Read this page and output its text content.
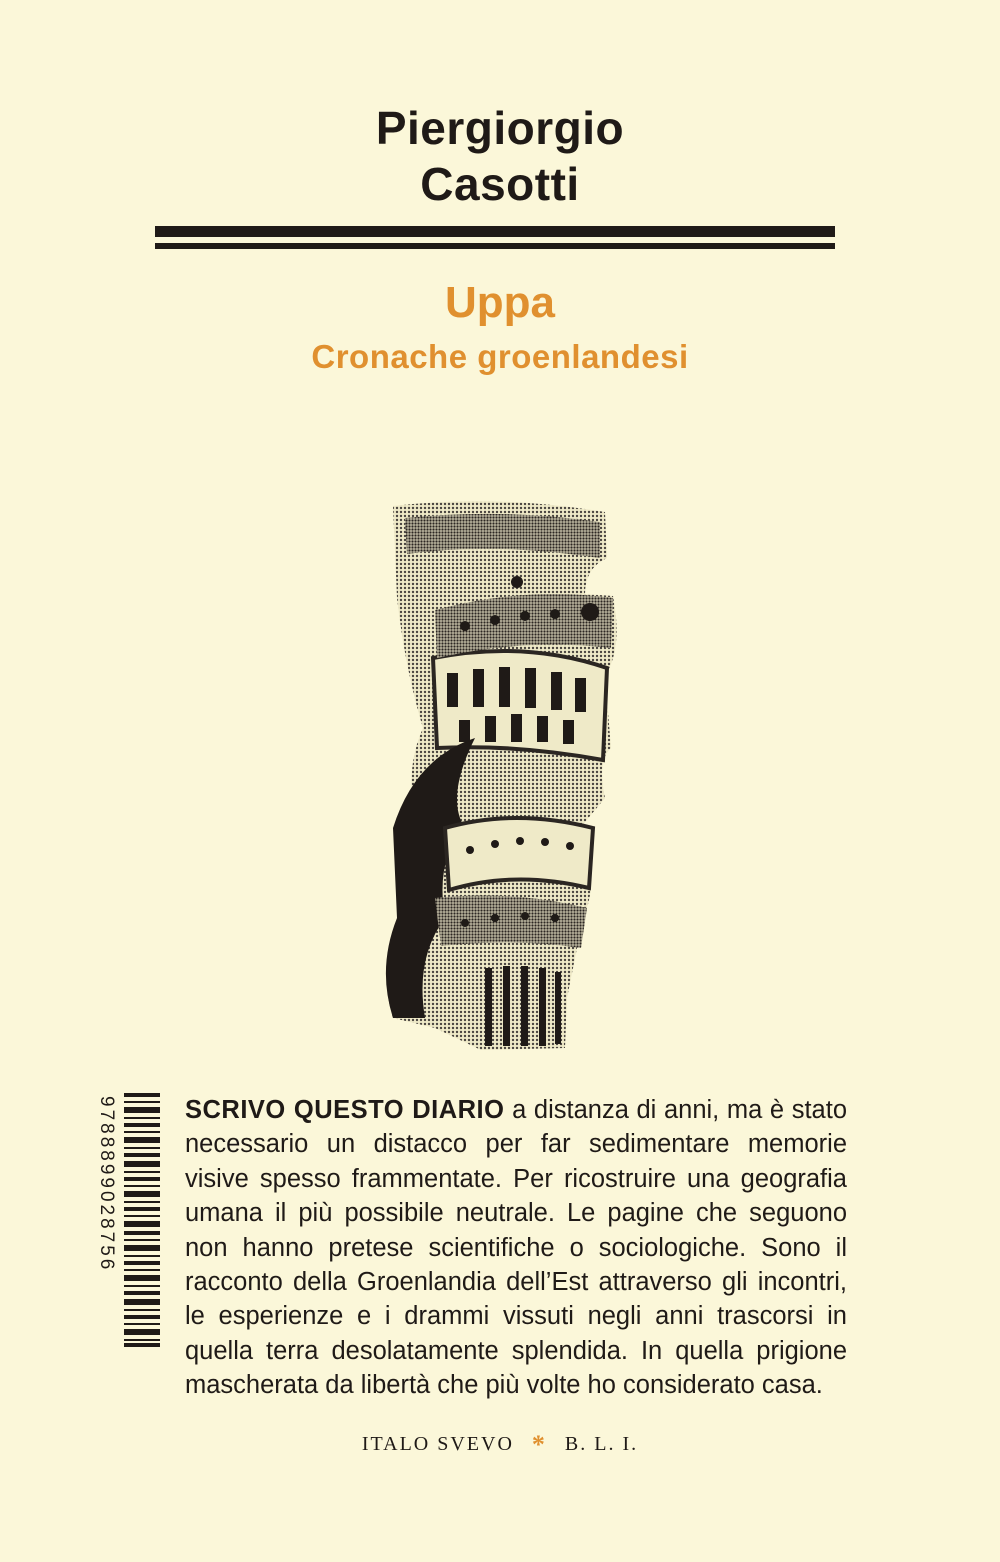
Piergiorgio
Casotti
Uppa
Cronache groenlandesi
9788899028756	SCRIVO QUESTO DIARIO a distanza di anni, ma è stato necessario un distacco per far sedimentare memorie visive spesso frammentate. Per ricostruire una geografia umana il più possibile neutrale. Le pagine che seguono non hanno pretese scientifiche o sociologiche. Sono il racconto della Groenlandia dell’Est attraverso gli incontri, le esperienze e i drammi vissuti negli anni trascorsi in quella terra desolatamente splendida. In quella prigione mascherata da libertà che più volte ho considerato casa.

ITALO SVEVO * B. L. I.
